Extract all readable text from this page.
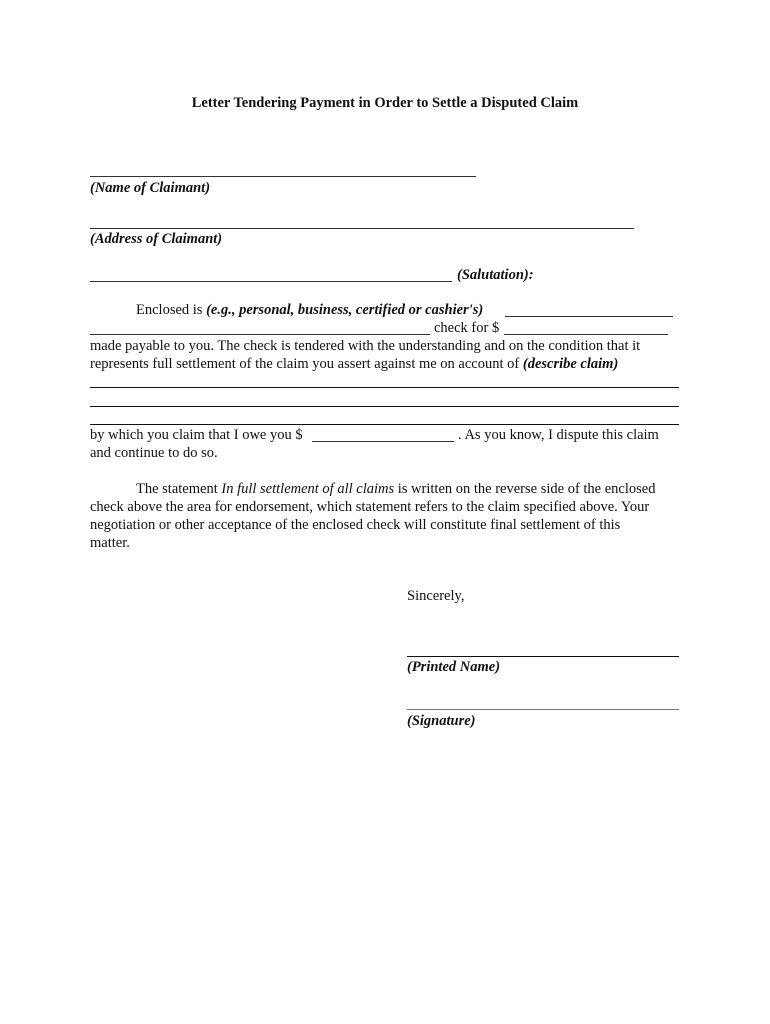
Letter Tendering Payment in Order to Settle a Disputed Claim
(Name of Claimant)
(Address of Claimant)
(Salutation):
Enclosed is (e.g., personal, business, certified or cashier's)
check for $
made payable to you. The check is tendered with the understanding and on the condition that it
represents full settlement of the claim you assert against me on account of (describe claim)
by which you claim that I owe you $	. As you know, I dispute this claim
and continue to do so.
The statement In full settlement of all claims is written on the reverse side of the enclosed
check above the area for endorsement, which statement refers to the claim specified above. Your
negotiation or other acceptance of the enclosed check will constitute final settlement of this
matter.
Sincerely,
(Printed Name)
(Signature)
